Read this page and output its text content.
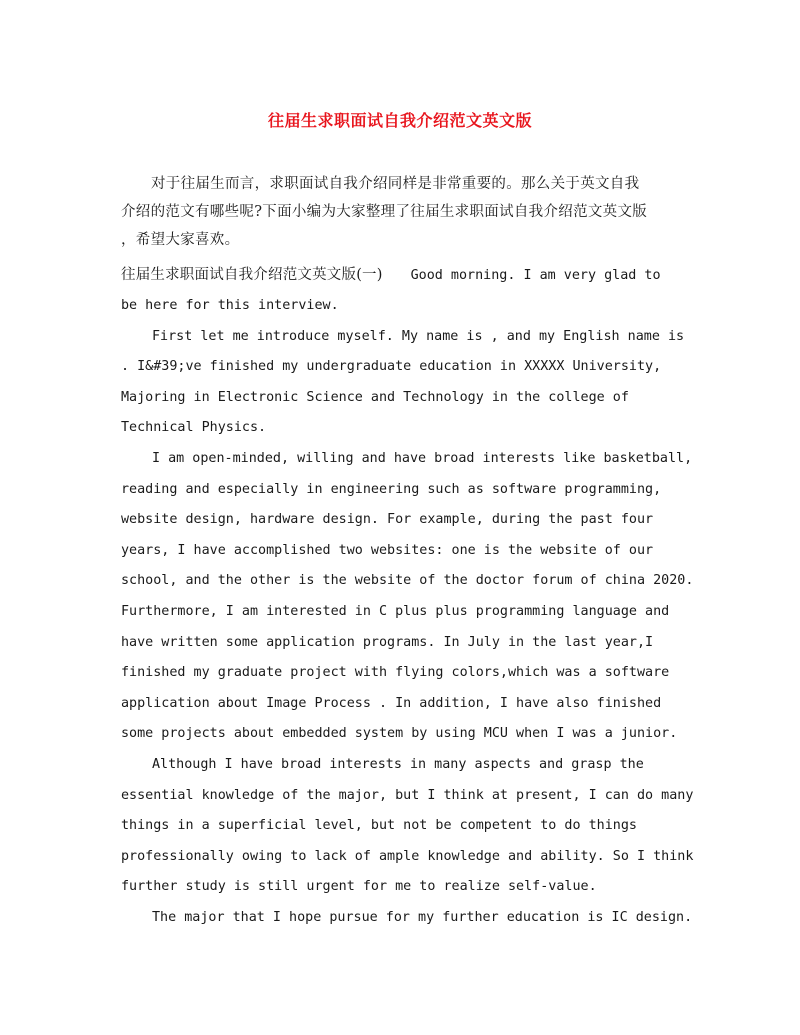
往届生求职面试自我介绍范文英文版

对于往届生而言，求职面试自我介绍同样是非常重要的。那么关于英文自我
介绍的范文有哪些呢?下面小编为大家整理了往届生求职面试自我介绍范文英文版
，希望大家喜欢。

往届生求职面试自我介绍范文英文版(一) Good morning. I am very glad to

be here for this interview.

First let me introduce myself. My name is , and my English name is
. I&#39;ve finished my undergraduate education in XXXXX University,
Majoring in Electronic Science and Technology in the college of
Technical Physics.

I am open-minded, willing and have broad interests like basketball,
reading and especially in engineering such as software programming,
website design, hardware design. For example, during the past four
years, I have accomplished two websites: one is the website of our
school, and the other is the website of the doctor forum of china 2020.
Furthermore, I am interested in C plus plus programming language and
have written some application programs. In July in the last year,I
finished my graduate project with flying colors,which was a software
application about Image Process . In addition, I have also finished
some projects about embedded system by using MCU when I was a junior.

Although I have broad interests in many aspects and grasp the
essential knowledge of the major, but I think at present, I can do many
things in a superficial level, but not be competent to do things
professionally owing to lack of ample knowledge and ability. So I think
further study is still urgent for me to realize self-value.

The major that I hope pursue for my further education is IC design.
